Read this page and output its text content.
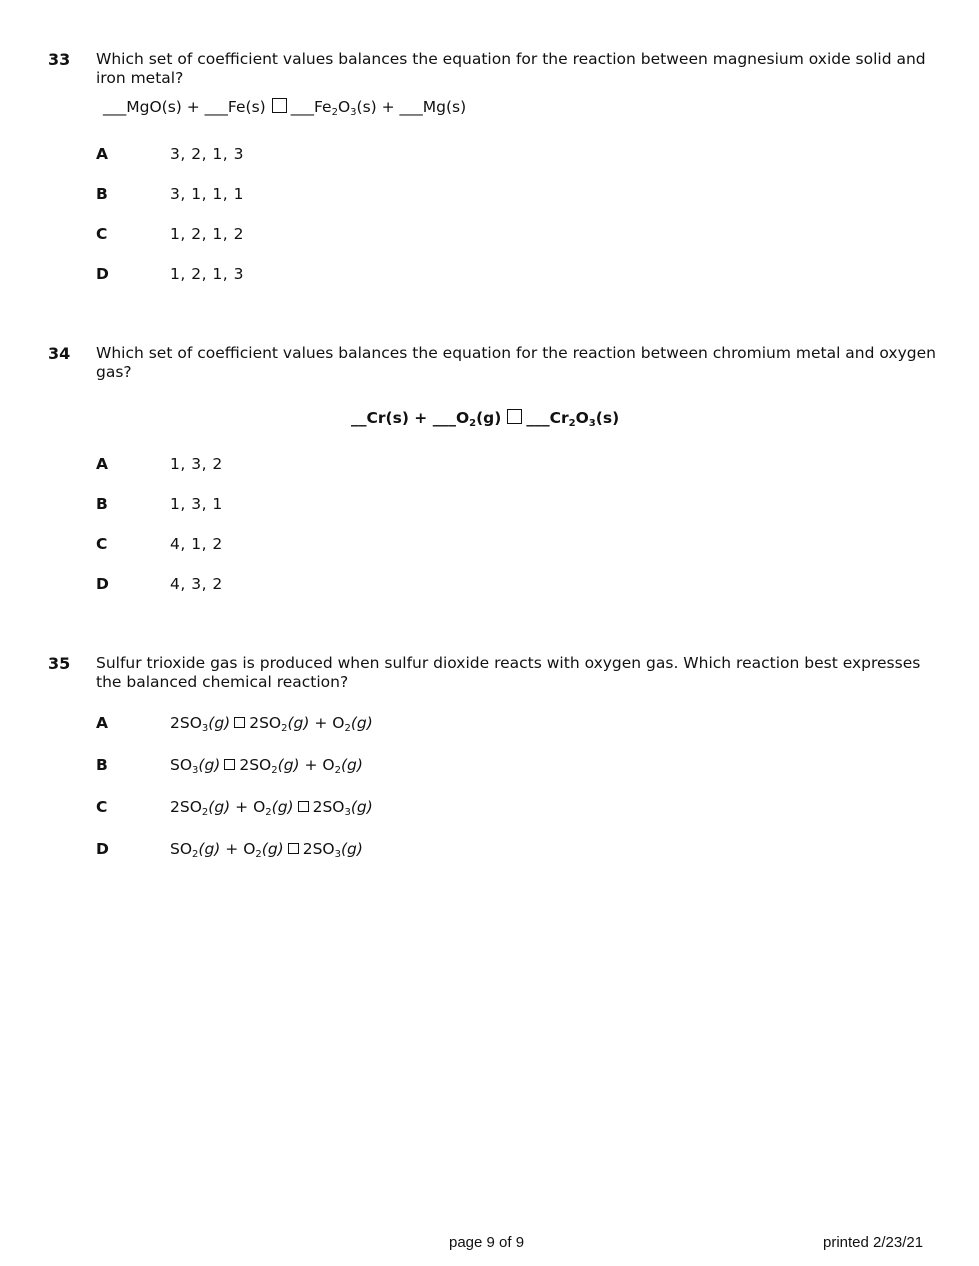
33 Which set of coefficient values balances the equation for the reaction between magnesium oxide solid and iron metal?
___MgO(s) + ___Fe(s) $\_\_\_Fe_2O_3(s)$ + ___Mg(s)
A	3, 2, 1, 3
B	3, 1, 1, 1
C	1, 2, 1, 2
D	1, 2, 1, 3
34 Which set of coefficient values balances the equation for the reaction between chromium metal and oxygen gas?
__Cr(s) + $\_\_\_O_2(g)$ $\_\_\_Cr_2O_3(s)$
A	1, 3, 2
B	1, 3, 1
C	4, 1, 2
D	4, 3, 2
35 Sulfur trioxide gas is produced when sulfur dioxide reacts with oxygen gas. Which reaction best expresses the balanced chemical reaction?
A	$2SO_3(g) 2SO_2(g) + O_2(g)$
B	$SO_3(g) 2SO_2(g) + O_2(g)$
C	$2SO_2(g) + O_2(g)$ $2SO_3(g)$
D	$SO_2(g) + O_2(g)$ $2SO_3(g)$
page 9 of 9	printed 2/23/21
